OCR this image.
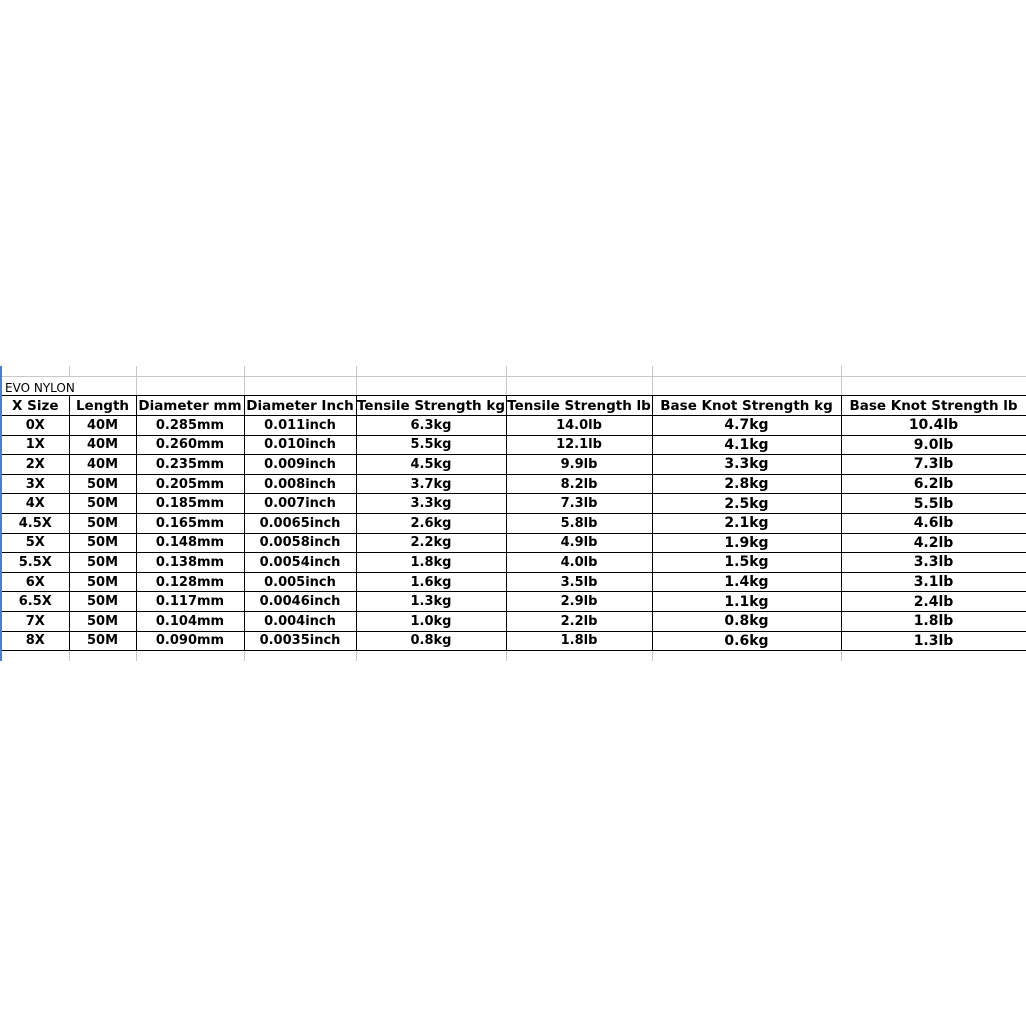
EVO NYLON							
X Size	Length	Diameter mm	Diameter Inch	Tensile Strength kg	Tensile Strength lb	Base Knot Strength kg	Base Knot Strength lb
0X	40M	0.285mm	0.011inch	6.3kg	14.0lb	4.7kg	10.4lb
1X	40M	0.260mm	0.010inch	5.5kg	12.1lb	4.1kg	9.0lb
2X	40M	0.235mm	0.009inch	4.5kg	9.9lb	3.3kg	7.3lb
3X	50M	0.205mm	0.008inch	3.7kg	8.2lb	2.8kg	6.2lb
4X	50M	0.185mm	0.007inch	3.3kg	7.3lb	2.5kg	5.5lb
4.5X	50M	0.165mm	0.0065inch	2.6kg	5.8lb	2.1kg	4.6lb
5X	50M	0.148mm	0.0058inch	2.2kg	4.9lb	1.9kg	4.2lb
5.5X	50M	0.138mm	0.0054inch	1.8kg	4.0lb	1.5kg	3.3lb
6X	50M	0.128mm	0.005inch	1.6kg	3.5lb	1.4kg	3.1lb
6.5X	50M	0.117mm	0.0046inch	1.3kg	2.9lb	1.1kg	2.4lb
7X	50M	0.104mm	0.004inch	1.0kg	2.2lb	0.8kg	1.8lb
8X	50M	0.090mm	0.0035inch	0.8kg	1.8lb	0.6kg	1.3lb
